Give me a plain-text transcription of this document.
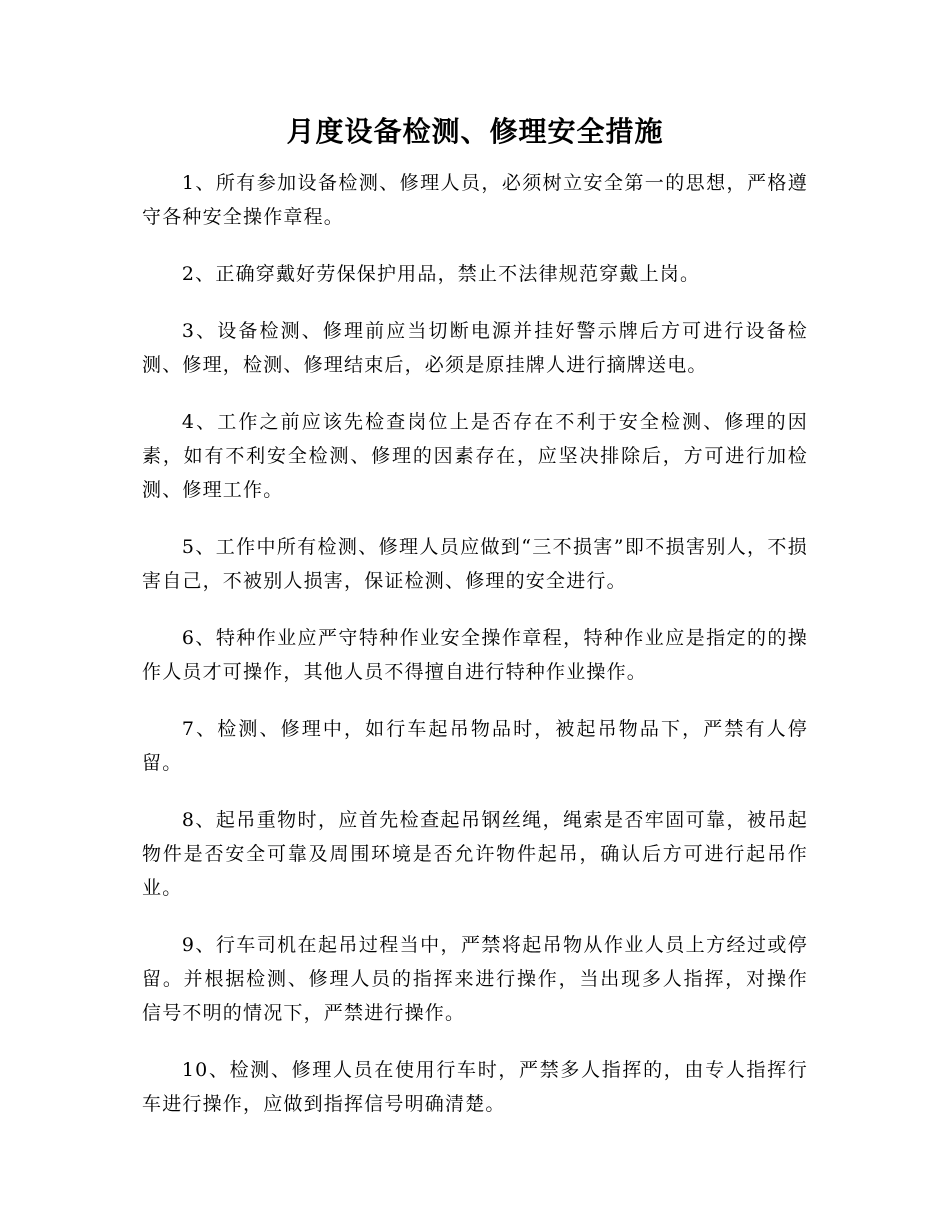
月度设备检测、修理安全措施

1、所有参加设备检测、修理人员，必须树立安全第一的思想，严格遵守各种安全操作章程。

2、正确穿戴好劳保保护用品，禁止不法律规范穿戴上岗。

3、设备检测、修理前应当切断电源并挂好警示牌后方可进行设备检测、修理，检测、修理结束后，必须是原挂牌人进行摘牌送电。

4、工作之前应该先检查岗位上是否存在不利于安全检测、修理的因素，如有不利安全检测、修理的因素存在，应坚决排除后，方可进行加检测、修理工作。

5、工作中所有检测、修理人员应做到“三不损害”即不损害别人，不损害自己，不被别人损害，保证检测、修理的安全进行。

6、特种作业应严守特种作业安全操作章程，特种作业应是指定的的操作人员才可操作，其他人员不得擅自进行特种作业操作。

7、检测、修理中，如行车起吊物品时，被起吊物品下，严禁有人停留。

8、起吊重物时，应首先检查起吊钢丝绳，绳索是否牢固可靠，被吊起物件是否安全可靠及周围环境是否允许物件起吊，确认后方可进行起吊作业。

9、行车司机在起吊过程当中，严禁将起吊物从作业人员上方经过或停留。并根据检测、修理人员的指挥来进行操作，当出现多人指挥，对操作信号不明的情况下，严禁进行操作。

10、检测、修理人员在使用行车时，严禁多人指挥的，由专人指挥行车进行操作，应做到指挥信号明确清楚。
